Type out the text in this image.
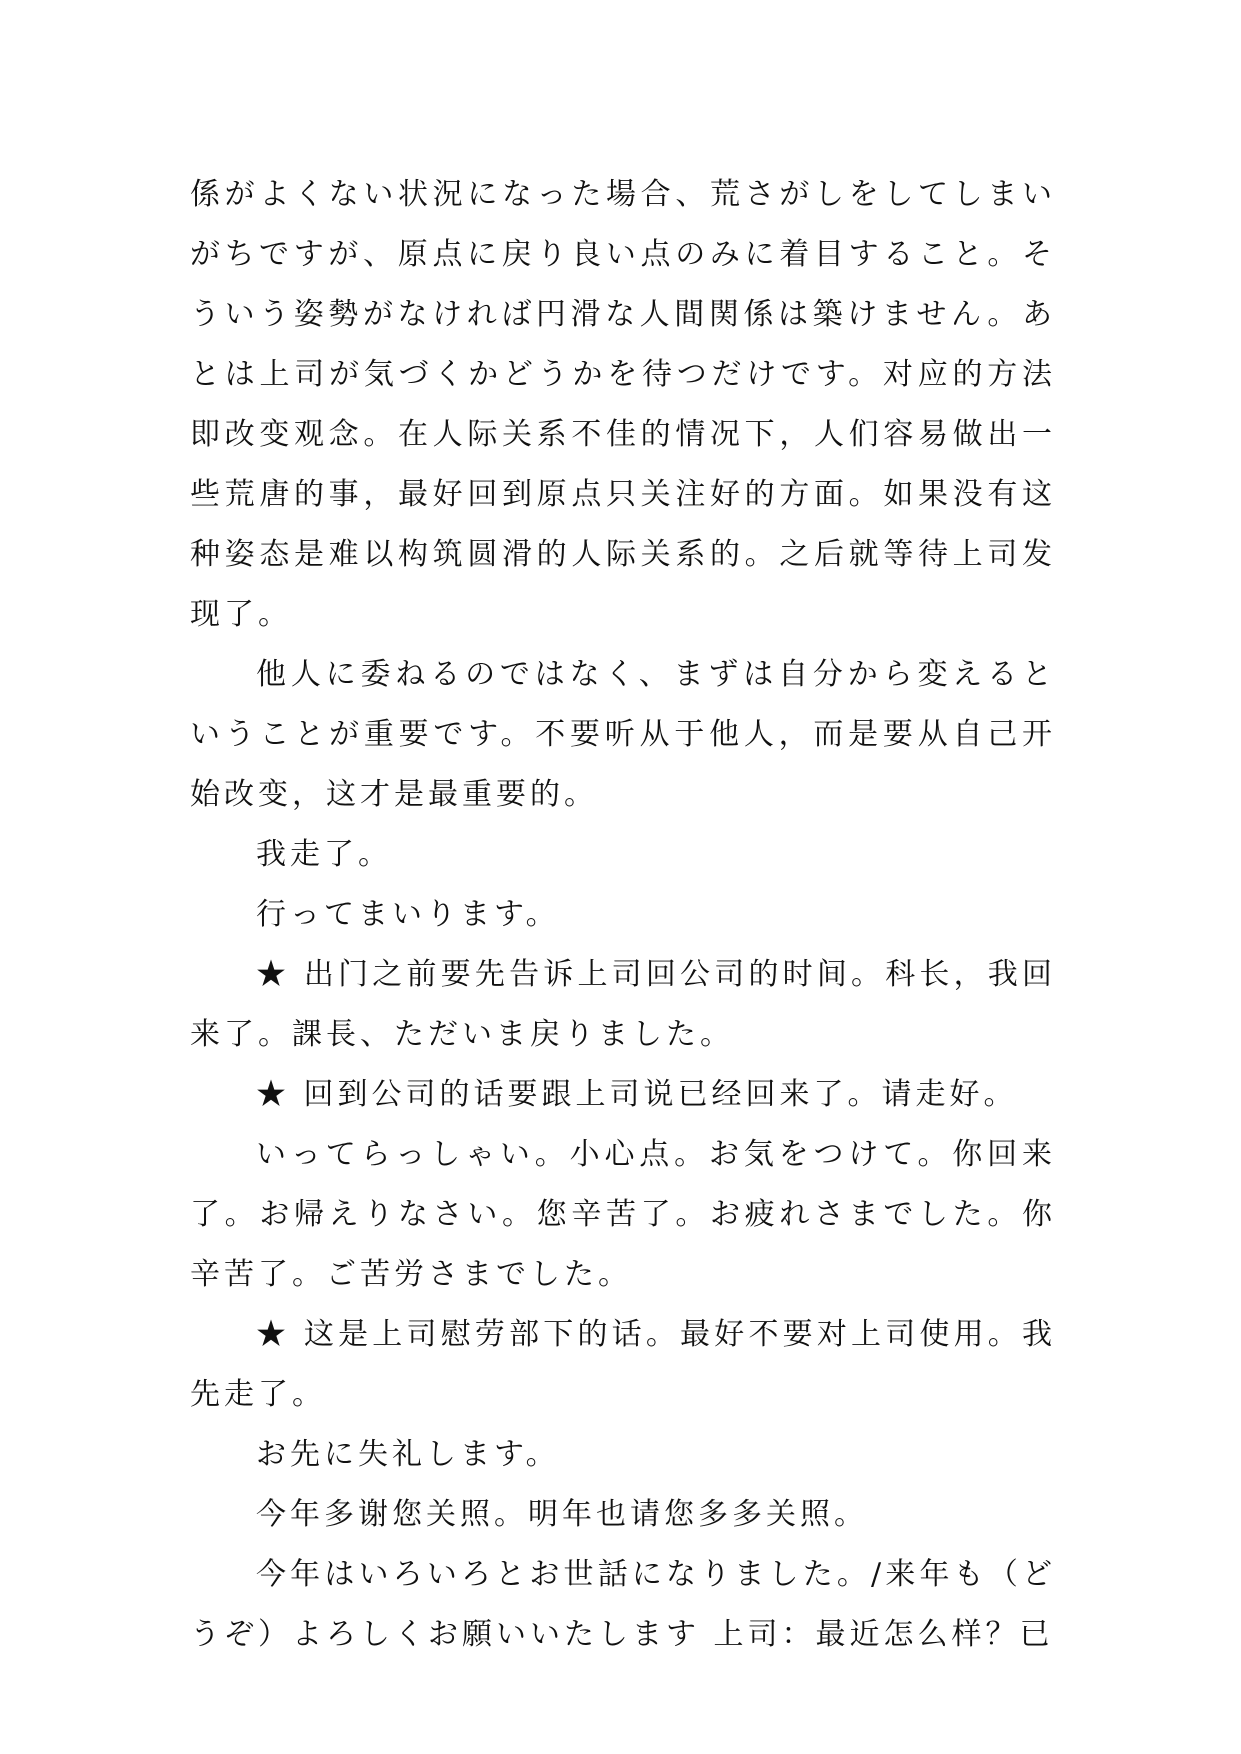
係がよくない状況になった場合、荒さがしをしてしまいがちですが、原点に戻り良い点のみに着目すること。そういう姿勢がなければ円滑な人間関係は築けません。あとは上司が気づくかどうかを待つだけです。对应的方法即改变观念。在人际关系不佳的情况下，人们容易做出一些荒唐的事，最好回到原点只关注好的方面。如果没有这种姿态是难以构筑圆滑的人际关系的。之后就等待上司发现了。

他人に委ねるのではなく、まずは自分から変えるということが重要です。不要听从于他人，而是要从自己开始改变，这才是最重要的。

我走了。

行ってまいります。

★ 出门之前要先告诉上司回公司的时间。科长，我回来了。課長、ただいま戻りました。

★ 回到公司的话要跟上司说已经回来了。请走好。

いってらっしゃい。小心点。お気をつけて。你回来了。お帰えりなさい。您辛苦了。お疲れさまでした。你辛苦了。ご苦労さまでした。

★ 这是上司慰劳部下的话。最好不要对上司使用。我先走了。

お先に失礼します。

今年多谢您关照。明年也请您多多关照。

今年はいろいろとお世話になりました。/来年も（どうぞ）よろしくお願いいたします 上司：最近怎么样？已
